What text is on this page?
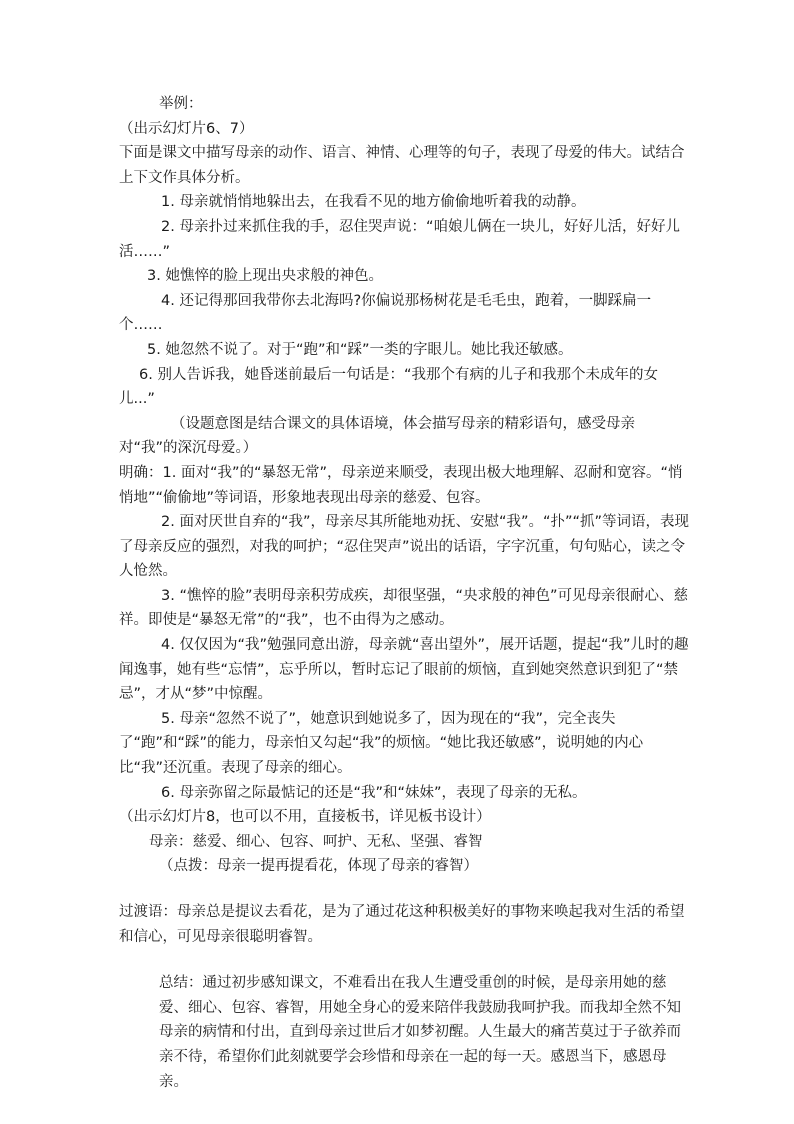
举例：

（出示幻灯片6、7）

下面是课文中描写母亲的动作、语言、神情、心理等的句子，表现了母爱的伟大。试结合上下文作具体分析。

1. 母亲就悄悄地躲出去，在我看不见的地方偷偷地听着我的动静。

2. 母亲扑过来抓住我的手，忍住哭声说：“咱娘儿俩在一块儿，好好儿活，好好儿活……”

3. 她憔悴的脸上现出央求般的神色。

4. 还记得那回我带你去北海吗?你偏说那杨树花是毛毛虫，跑着，一脚踩扁一个……

5. 她忽然不说了。对于“跑”和“踩”一类的字眼儿。她比我还敏感。

6. 别人告诉我，她昏迷前最后一句话是：“我那个有病的儿子和我那个未成年的女儿...”

（设题意图是结合课文的具体语境，体会描写母亲的精彩语句，感受母亲对“我”的深沉母爱。）

明确：1. 面对“我”的“暴怒无常”，母亲逆来顺受，表现出极大地理解、忍耐和宽容。“悄悄地”“偷偷地”等词语，形象地表现出母亲的慈爱、包容。

2. 面对厌世自弃的“我”，母亲尽其所能地劝抚、安慰“我”。“扑”“抓”等词语，表现了母亲反应的强烈，对我的呵护；“忍住哭声”说出的话语，字字沉重，句句贴心，读之令人怆然。

3. “憔悴的脸”表明母亲积劳成疾，却很坚强，“央求般的神色”可见母亲很耐心、慈祥。即使是“暴怒无常”的“我”，也不由得为之感动。

4. 仅仅因为“我”勉强同意出游，母亲就“喜出望外”，展开话题，提起“我”儿时的趣闻逸事，她有些“忘情”，忘乎所以，暂时忘记了眼前的烦恼，直到她突然意识到犯了“禁忌”，才从“梦”中惊醒。

5. 母亲“忽然不说了”，她意识到她说多了，因为现在的“我”，完全丧失了“跑”和“踩”的能力，母亲怕又勾起“我”的烦恼。“她比我还敏感”，说明她的内心比“我”还沉重。表现了母亲的细心。

6. 母亲弥留之际最惦记的还是“我”和“妹妹”，表现了母亲的无私。

（出示幻灯片8，也可以不用，直接板书，详见板书设计）

母亲：慈爱、细心、包容、呵护、无私、坚强、睿智

（点拨：母亲一提再提看花，体现了母亲的睿智）

过渡语：母亲总是提议去看花，是为了通过花这种积极美好的事物来唤起我对生活的希望和信心，可见母亲很聪明睿智。

总结：通过初步感知课文，不难看出在我人生遭受重创的时候，是母亲用她的慈爱、细心、包容、睿智，用她全身心的爱来陪伴我鼓励我呵护我。而我却全然不知母亲的病情和付出，直到母亲过世后才如梦初醒。人生最大的痛苦莫过于子欲养而亲不待，希望你们此刻就要学会珍惜和母亲在一起的每一天。感恩当下，感恩母亲。
